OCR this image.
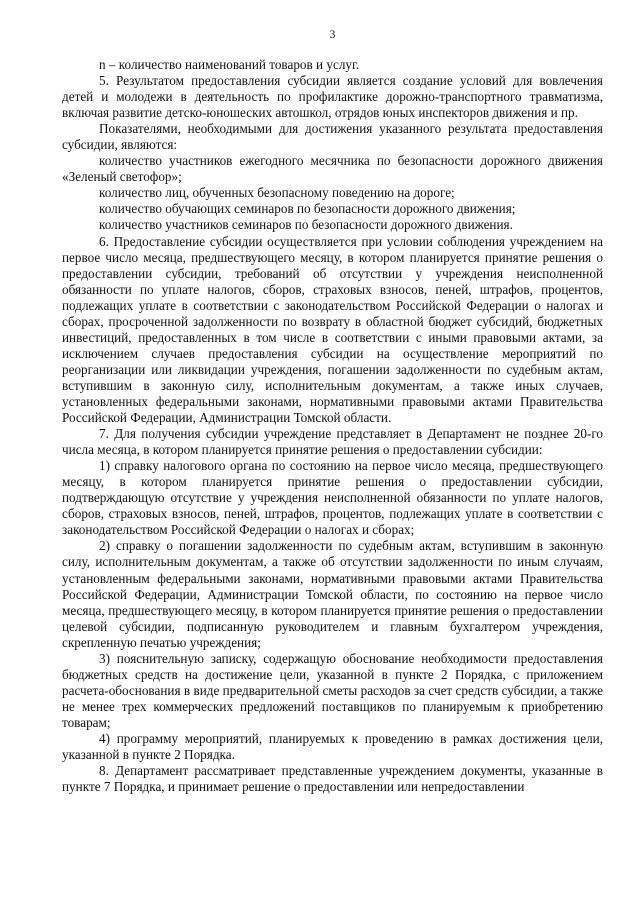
3

n – количество наименований товаров и услуг.

5. Результатом предоставления субсидии является создание условий для вовлечения детей и молодежи в деятельность по профилактике дорожно-транспортного травматизма, включая развитие детско-юношеских автошкол, отрядов юных инспекторов движения и пр.

Показателями, необходимыми для достижения указанного результата предоставления субсидии, являются:

количество участников ежегодного месячника по безопасности дорожного движения «Зеленый светофор»;

количество лиц, обученных безопасному поведению на дороге;

количество обучающих семинаров по безопасности дорожного движения;

количество участников семинаров по безопасности дорожного движения.

6. Предоставление субсидии осуществляется при условии соблюдения учреждением на первое число месяца, предшествующего месяцу, в котором планируется принятие решения о предоставлении субсидии, требований об отсутствии у учреждения неисполненной обязанности по уплате налогов, сборов, страховых взносов, пеней, штрафов, процентов, подлежащих уплате в соответствии с законодательством Российской Федерации о налогах и сборах, просроченной задолженности по возврату в областной бюджет субсидий, бюджетных инвестиций, предоставленных в том числе в соответствии с иными правовыми актами, за исключением случаев предоставления субсидии на осуществление мероприятий по реорганизации или ликвидации учреждения, погашении задолженности по судебным актам, вступившим в законную силу, исполнительным документам, а также иных случаев, установленных федеральными законами, нормативными правовыми актами Правительства Российской Федерации, Администрации Томской области.

7. Для получения субсидии учреждение представляет в Департамент не позднее 20-го числа месяца, в котором планируется принятие решения о предоставлении субсидии:

1) справку налогового органа по состоянию на первое число месяца, предшествующего месяцу, в котором планируется принятие решения о предоставлении субсидии, подтверждающую отсутствие у учреждения неисполненной обязанности по уплате налогов, сборов, страховых взносов, пеней, штрафов, процентов, подлежащих уплате в соответствии с законодательством Российской Федерации о налогах и сборах;

2) справку о погашении задолженности по судебным актам, вступившим в законную силу, исполнительным документам, а также об отсутствии задолженности по иным случаям, установленным федеральными законами, нормативными правовыми актами Правительства Российской Федерации, Администрации Томской области, по состоянию на первое число месяца, предшествующего месяцу, в котором планируется принятие решения о предоставлении целевой субсидии, подписанную руководителем и главным бухгалтером учреждения, скрепленную печатью учреждения;

3) пояснительную записку, содержащую обоснование необходимости предоставления бюджетных средств на достижение цели, указанной в пункте 2 Порядка, с приложением расчета-обоснования в виде предварительной сметы расходов за счет средств субсидии, а также не менее трех коммерческих предложений поставщиков по планируемым к приобретению товарам;

4) программу мероприятий, планируемых к проведению в рамках достижения цели, указанной в пункте 2 Порядка.

8. Департамент рассматривает представленные учреждением документы, указанные в пункте 7 Порядка, и принимает решение о предоставлении или непредоставлении
